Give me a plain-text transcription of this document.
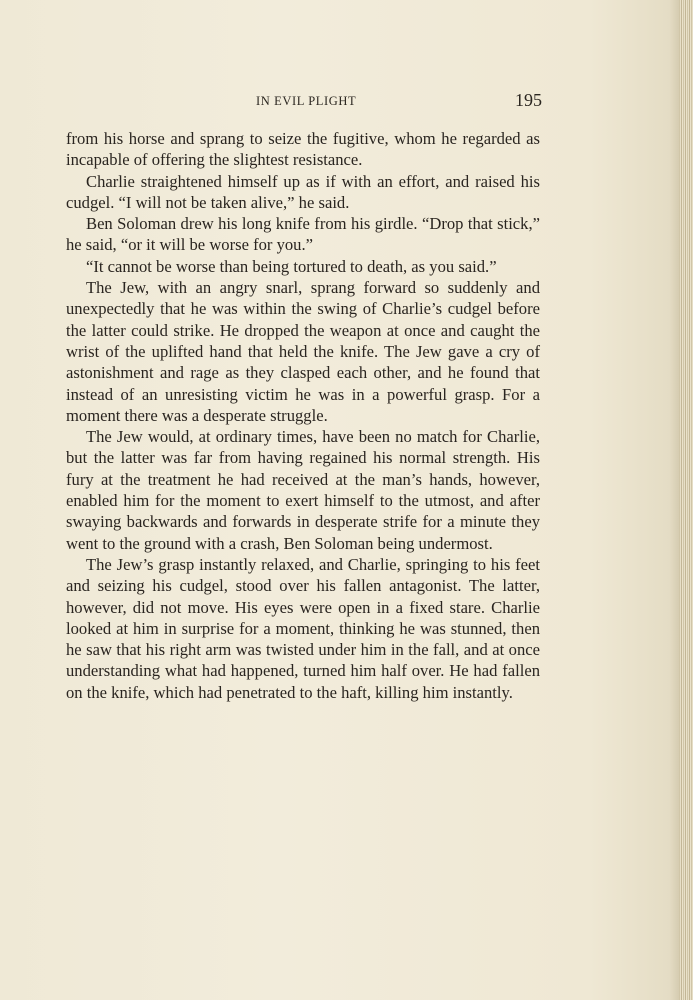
IN EVIL PLIGHT	195

from his horse and sprang to seize the fugitive, whom he regarded as incapable of offering the slightest resistance.

Charlie straightened himself up as if with an effort, and raised his cudgel. “I will not be taken alive,” he said.

Ben Soloman drew his long knife from his girdle. “Drop that stick,” he said, “or it will be worse for you.”

“It cannot be worse than being tortured to death, as you said.”

The Jew, with an angry snarl, sprang forward so suddenly and unexpectedly that he was within the swing of Charlie’s cudgel before the latter could strike. He dropped the weapon at once and caught the wrist of the uplifted hand that held the knife. The Jew gave a cry of astonishment and rage as they clasped each other, and he found that instead of an unresisting victim he was in a powerful grasp. For a moment there was a desperate struggle.

The Jew would, at ordinary times, have been no match for Charlie, but the latter was far from having regained his normal strength. His fury at the treatment he had received at the man’s hands, however, enabled him for the moment to exert himself to the utmost, and after swaying backwards and forwards in desperate strife for a minute they went to the ground with a crash, Ben Soloman being undermost.

The Jew’s grasp instantly relaxed, and Charlie, springing to his feet and seizing his cudgel, stood over his fallen antagonist. The latter, however, did not move. His eyes were open in a fixed stare. Charlie looked at him in surprise for a moment, thinking he was stunned, then he saw that his right arm was twisted under him in the fall, and at once understanding what had happened, turned him half over. He had fallen on the knife, which had penetrated to the haft, killing him instantly.
